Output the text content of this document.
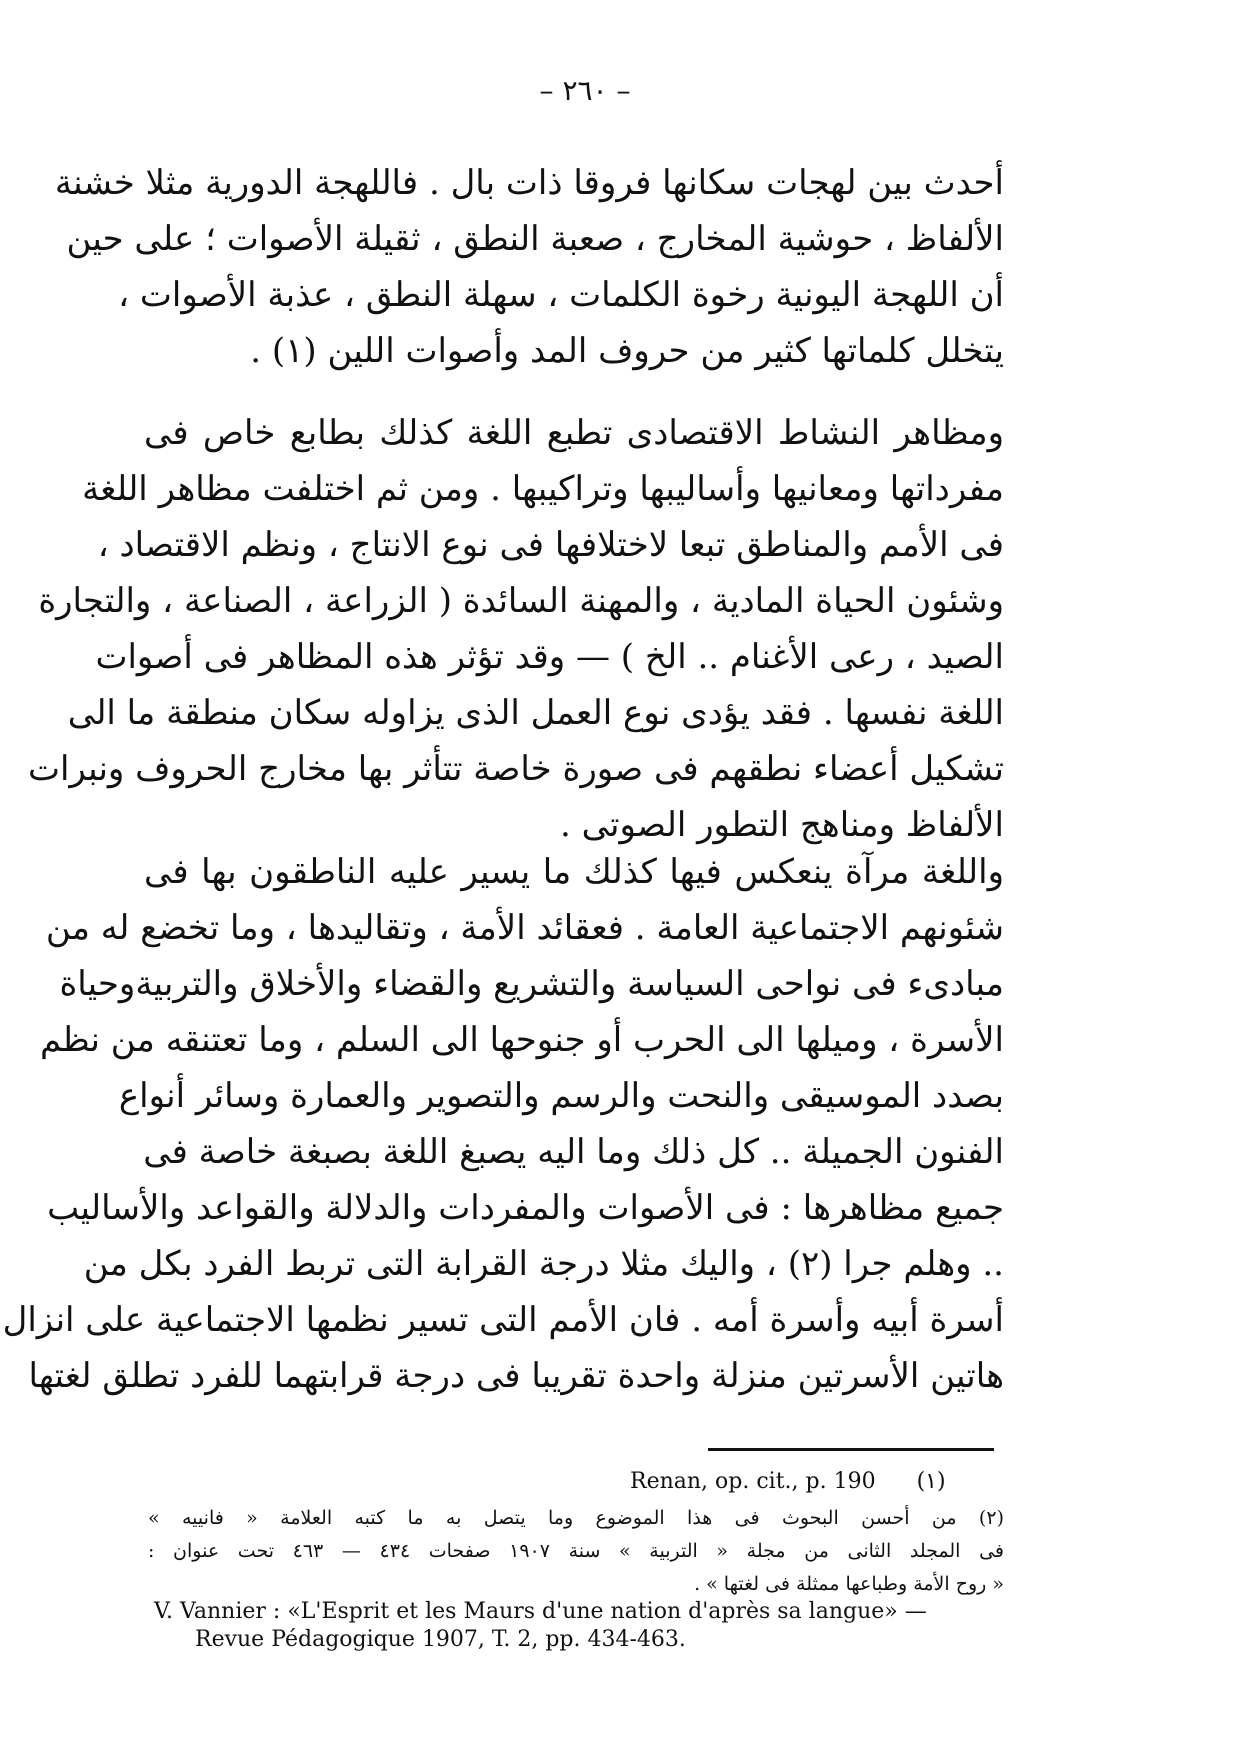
– ٢٦٠ –
أحدث بين لهجات سكانها فروقا ذات بال . فاللهجة الدورية مثلا خشنة
الألفاظ ، حوشية المخارج ، صعبة النطق ، ثقيلة الأصوات ؛ على حين
أن اللهجة اليونية رخوة الكلمات ، سهلة النطق ، عذبة الأصوات ،
يتخلل كلماتها كثير من حروف المد وأصوات اللين (١) .
ومظاهر النشاط الاقتصادى تطبع اللغة كذلك بطابع خاص فى
مفرداتها ومعانيها وأساليبها وتراكيبها . ومن ثم اختلفت مظاهر اللغة
فى الأمم والمناطق تبعا لاختلافها فى نوع الانتاج ، ونظم الاقتصاد ،
وشئون الحياة المادية ، والمهنة السائدة ( الزراعة ، الصناعة ، والتجارة
الصيد ، رعى الأغنام .. الخ ) — وقد تؤثر هذه المظاهر فى أصوات
اللغة نفسها . فقد يؤدى نوع العمل الذى يزاوله سكان منطقة ما الى
تشكيل أعضاء نطقهم فى صورة خاصة تتأثر بها مخارج الحروف ونبرات
الألفاظ ومناهج التطور الصوتى .
واللغة مرآة ينعكس فيها كذلك ما يسير عليه الناطقون بها فى
شئونهم الاجتماعية العامة . فعقائد الأمة ، وتقاليدها ، وما تخضع له من
مبادىء فى نواحى السياسة والتشريع والقضاء والأخلاق والتربيةوحياة
الأسرة ، وميلها الى الحرب أو جنوحها الى السلم ، وما تعتنقه من نظم
بصدد الموسيقى والنحت والرسم والتصوير والعمارة وسائر أنواع
الفنون الجميلة .. كل ذلك وما اليه يصبغ اللغة بصبغة خاصة فى
جميع مظاهرها : فى الأصوات والمفردات والدلالة والقواعد والأساليب
.. وهلم جرا (٢) ، واليك مثلا درجة القرابة التى تربط الفرد بكل من
أسرة أبيه وأسرة أمه . فان الأمم التى تسير نظمها الاجتماعية على انزال
هاتين الأسرتين منزلة واحدة تقريبا فى درجة قرابتهما للفرد تطلق لغتها
Renan, op. cit., p. 190 (١)
(٢) من أحسن البحوث فى هذا الموضوع وما يتصل به ما كتبه العلامة « فانييه »
فى المجلد الثانى من مجلة « التربية » سنة ١٩٠٧ صفحات ٤٣٤ — ٤٦٣ تحت عنوان :
« روح الأمة وطباعها ممثلة فى لغتها » .
V. Vannier : «L'Esprit et les Maurs d'une nation d'après sa langue» —
Revue Pédagogique 1907, T. 2, pp. 434-463.
